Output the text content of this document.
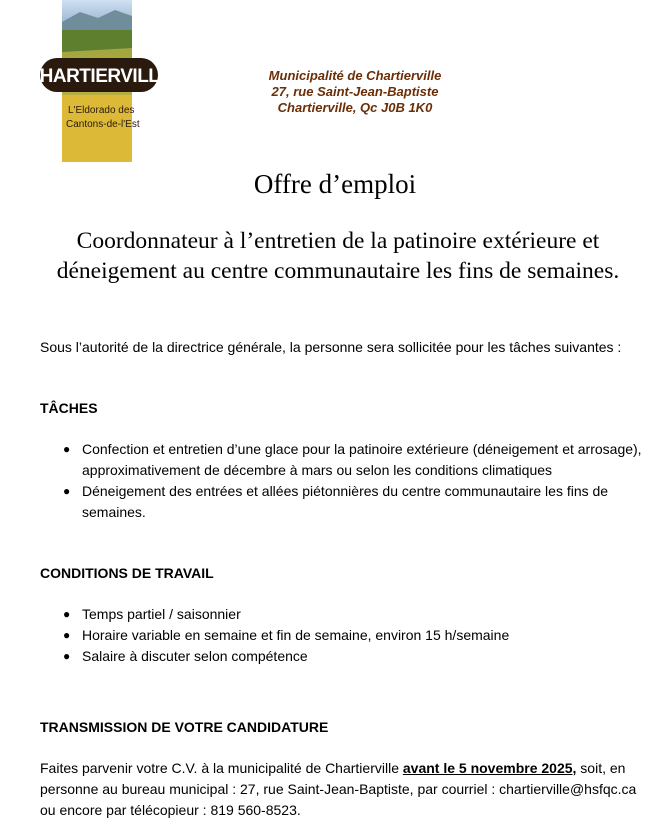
CHARTIERVILLE
L'Eldorado des
Cantons-de-l'Est
Municipalité de Chartierville
27, rue Saint-Jean-Baptiste
Chartierville, Qc J0B 1K0
Offre d’emploi
Coordonnateur à l’entretien de la patinoire extérieure et déneigement au centre communautaire les fins de semaines.
Sous l’autorité de la directrice générale, la personne sera sollicitée pour les tâches suivantes :
TÂCHES
● Confection et entretien d’une glace pour la patinoire extérieure (déneigement et arrosage), approximativement de décembre à mars ou selon les conditions climatiques
● Déneigement des entrées et allées piétonnières du centre communautaire les fins de semaines.
CONDITIONS DE TRAVAIL
● Temps partiel / saisonnier
● Horaire variable en semaine et fin de semaine, environ 15 h/semaine
● Salaire à discuter selon compétence
TRANSMISSION DE VOTRE CANDIDATURE
Faites parvenir votre C.V. à la municipalité de Chartierville avant le 5 novembre 2025, soit, en personne au bureau municipal : 27, rue Saint-Jean-Baptiste, par courriel : chartierville@hsfqc.ca ou encore par télécopieur : 819 560-8523.
